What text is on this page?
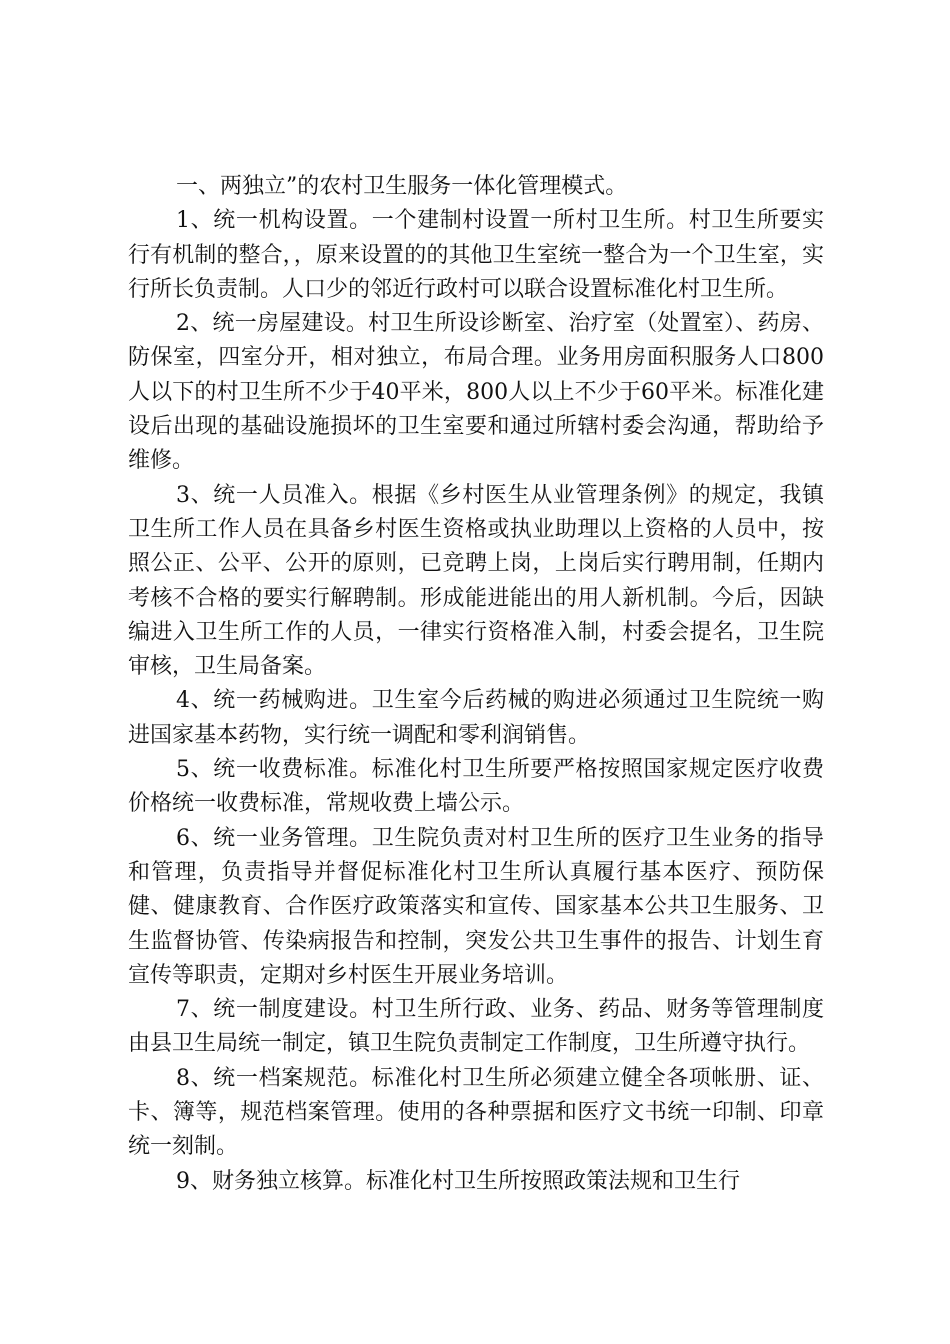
一、两独立”的农村卫生服务一体化管理模式。

1、统一机构设置。一个建制村设置一所村卫生所。村卫生所要实行有机制的整合，，原来设置的的其他卫生室统一整合为一个卫生室，实行所长负责制。人口少的邻近行政村可以联合设置标准化村卫生所。

2、统一房屋建设。村卫生所设诊断室、治疗室（处置室）、药房、防保室，四室分开，相对独立，布局合理。业务用房面积服务人口800人以下的村卫生所不少于40平米，800人以上不少于60平米。标准化建设后出现的基础设施损坏的卫生室要和通过所辖村委会沟通，帮助给予维修。

3、统一人员准入。根据《乡村医生从业管理条例》的规定，我镇卫生所工作人员在具备乡村医生资格或执业助理以上资格的人员中，按照公正、公平、公开的原则，已竞聘上岗，上岗后实行聘用制，任期内考核不合格的要实行解聘制。形成能进能出的用人新机制。今后，因缺编进入卫生所工作的人员，一律实行资格准入制，村委会提名，卫生院审核，卫生局备案。

4、统一药械购进。卫生室今后药械的购进必须通过卫生院统一购进国家基本药物，实行统一调配和零利润销售。

5、统一收费标准。标准化村卫生所要严格按照国家规定医疗收费价格统一收费标准，常规收费上墙公示。

6、统一业务管理。卫生院负责对村卫生所的医疗卫生业务的指导和管理，负责指导并督促标准化村卫生所认真履行基本医疗、预防保健、健康教育、合作医疗政策落实和宣传、国家基本公共卫生服务、卫生监督协管、传染病报告和控制，突发公共卫生事件的报告、计划生育宣传等职责，定期对乡村医生开展业务培训。

7、统一制度建设。村卫生所行政、业务、药品、财务等管理制度由县卫生局统一制定，镇卫生院负责制定工作制度，卫生所遵守执行。

8、统一档案规范。标准化村卫生所必须建立健全各项帐册、证、卡、簿等，规范档案管理。使用的各种票据和医疗文书统一印制、印章统一刻制。

9、财务独立核算。标准化村卫生所按照政策法规和卫生行
